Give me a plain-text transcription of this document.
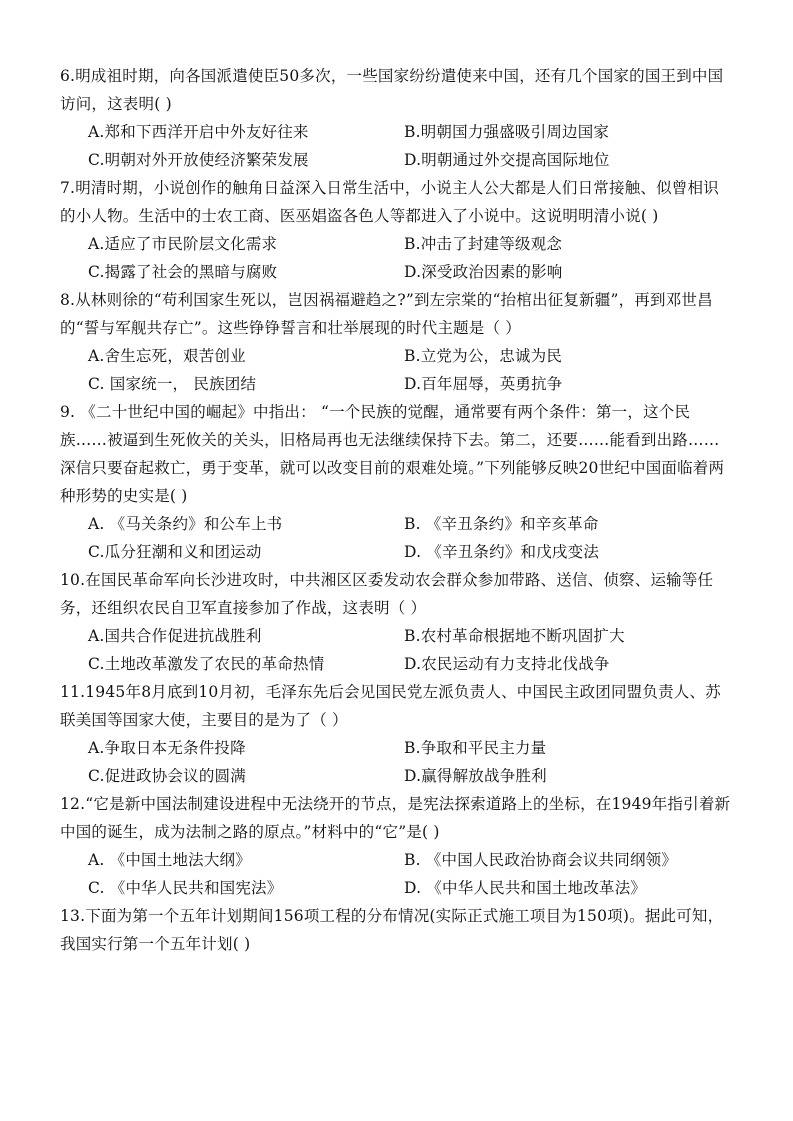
6.明成祖时期，向各国派遣使臣50多次，一些国家纷纷遣使来中国，还有几个国家的国王到中国访问，这表明( )

A.郑和下西洋开启中外友好往来	B.明朝国力强盛吸引周边国家
C.明朝对外开放使经济繁荣发展	D.明朝通过外交提高国际地位

7.明清时期，小说创作的触角日益深入日常生活中，小说主人公大都是人们日常接触、似曾相识的小人物。生活中的士农工商、医巫娼盗各色人等都进入了小说中。这说明明清小说( )

A.适应了市民阶层文化需求	B.冲击了封建等级观念
C.揭露了社会的黑暗与腐败	D.深受政治因素的影响

8.从林则徐的“苟利国家生死以，岂因祸福避趋之?”到左宗棠的“抬棺出征复新疆”，再到邓世昌的“誓与军舰共存亡”。这些铮铮誓言和壮举展现的时代主题是（ ）

A.舍生忘死，艰苦创业	B.立党为公，忠诚为民
C. 国家统一， 民族团结	D.百年屈辱，英勇抗争

9. 《二十世纪中国的崛起》中指出： “一个民族的觉醒，通常要有两个条件：第一，这个民族……被逼到生死攸关的关头，旧格局再也无法继续保持下去。第二，还要……能看到出路……深信只要奋起救亡，勇于变革，就可以改变目前的艰难处境。”下列能够反映20世纪中国面临着两种形势的史实是( )

A. 《马关条约》和公车上书	B. 《辛丑条约》和辛亥革命
C.瓜分狂潮和义和团运动	D. 《辛丑条约》和戊戌变法

10.在国民革命军向长沙进攻时，中共湘区区委发动农会群众参加带路、送信、侦察、运输等任务，还组织农民自卫军直接参加了作战，这表明（ ）

A.国共合作促进抗战胜利	B.农村革命根据地不断巩固扩大
C.土地改革激发了农民的革命热情	D.农民运动有力支持北伐战争

11.1945年8月底到10月初，毛泽东先后会见国民党左派负责人、中国民主政团同盟负责人、苏联美国等国家大使，主要目的是为了（ ）

A.争取日本无条件投降	B.争取和平民主力量
C.促进政协会议的圆满	D.赢得解放战争胜利

12.“它是新中国法制建设进程中无法绕开的节点，是宪法探索道路上的坐标，在1949年指引着新中国的诞生，成为法制之路的原点。”材料中的“它”是( )

A. 《中国土地法大纲》	B. 《中国人民政治协商会议共同纲领》
C. 《中华人民共和国宪法》	D. 《中华人民共和国土地改革法》

13.下面为第一个五年计划期间156项工程的分布情况(实际正式施工项目为150项)。据此可知，我国实行第一个五年计划( )
